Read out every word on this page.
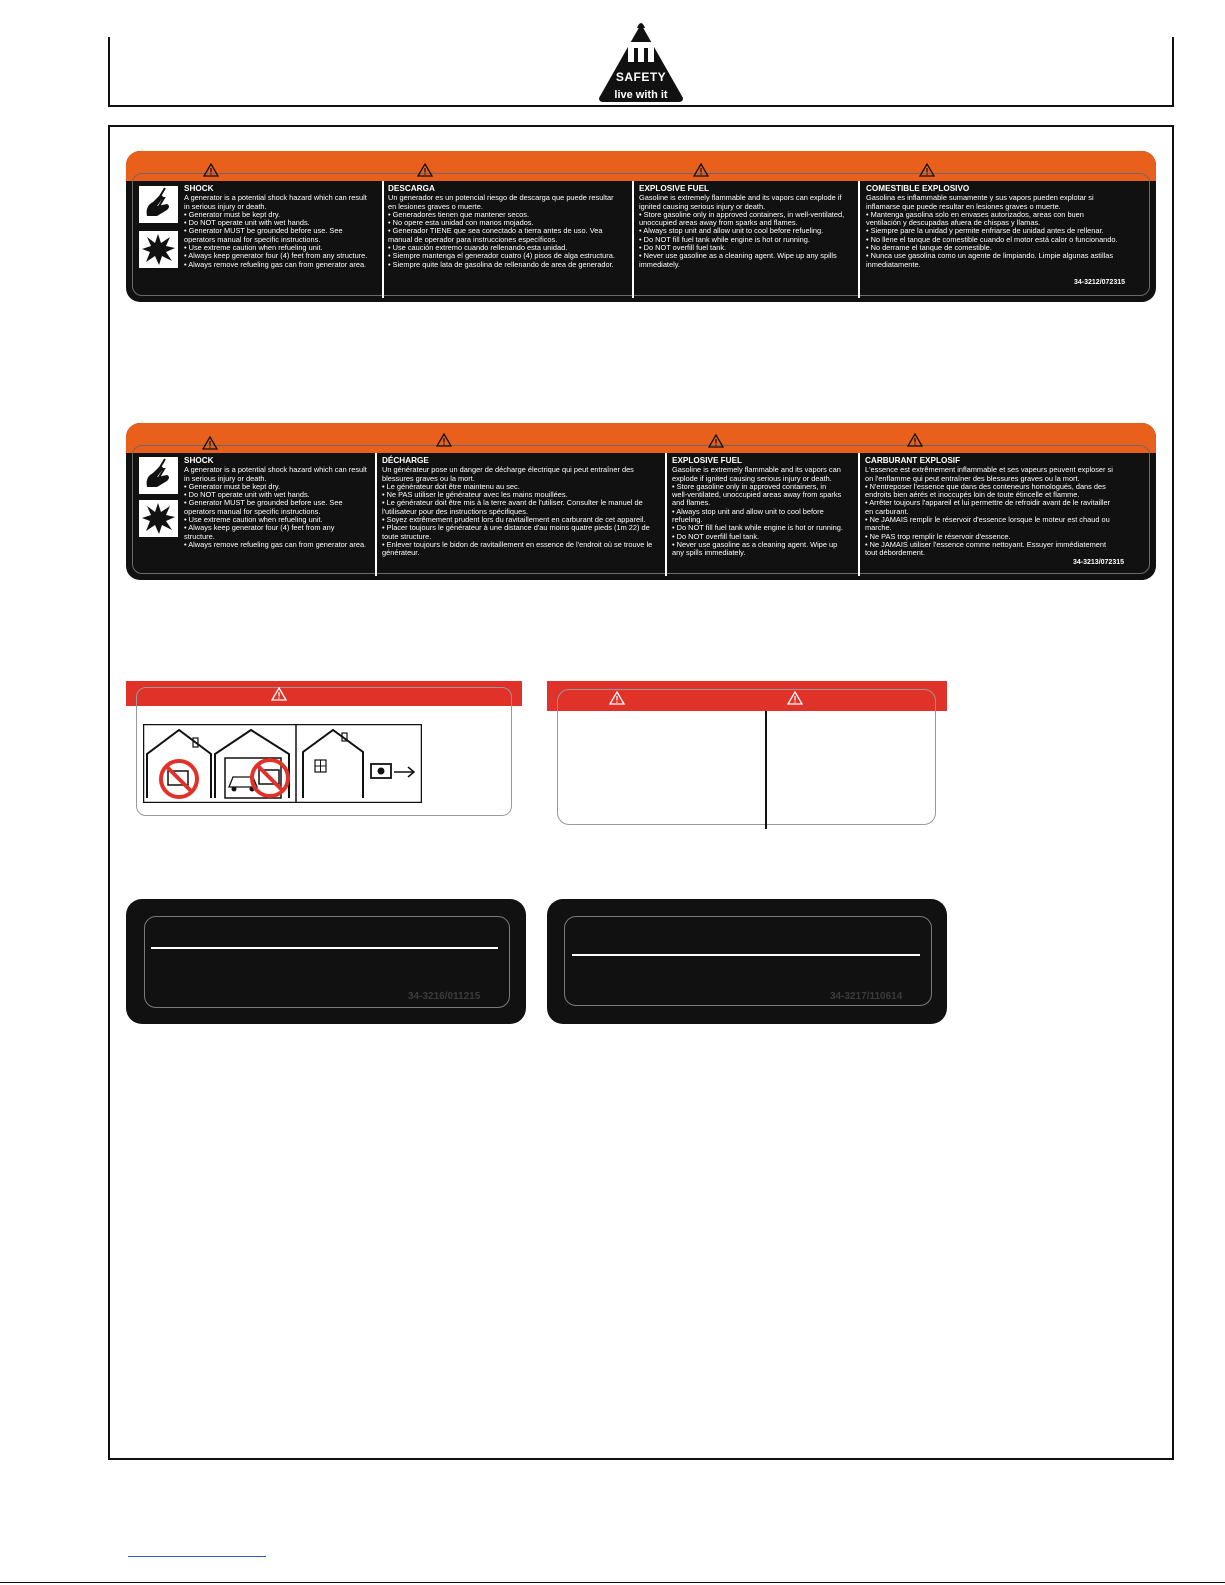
SAFETY
live with it
SHOCK
A generator is a potential shock hazard which can result
in serious injury or death.
• Generator must be kept dry.
• Do NOT operate unit with wet hands.
• Generator MUST be grounded before use. See
operators manual for specific instructions.
• Use extreme caution when refueling unit.
• Always keep generator four (4) feet from any structure.
• Always remove refueling gas can from generator area.
DESCARGA
Un generador es un potencial riesgo de descarga que puede resultar
en lesiones graves o muerte.
• Generadores tienen que mantener secos.
• No opere esta unidad con manos mojados.
• Generador TIENE que sea conectado a tierra antes de uso. Vea
manual de operador para instrucciones específicos.
• Use caución extremo cuando rellenando esta unidad.
• Siempre mantenga el generador cuatro (4) pisos de alga estructura.
• Siempre quite lata de gasolina de rellenando de area de generador.
EXPLOSIVE FUEL
Gasoline is extremely flammable and its vapors can explode if
ignited causing serious injury or death.
• Store gasoline only in approved containers, in well-ventilated,
unoccupied areas away from sparks and flames.
• Always stop unit and allow unit to cool before refueling.
• Do NOT fill fuel tank while engine is hot or running.
• Do NOT overfill fuel tank.
• Never use gasoline as a cleaning agent. Wipe up any spills
immediately.
COMESTIBLE EXPLOSIVO
Gasolina es inflammable sumamente y sus vapors pueden explotar si
inflamarse que puede resultar en lesiones graves o muerte.
• Mantenga gasolina solo en envases autorizados, areas con buen
ventilación y descupadas afuera de chispas y llamas.
• Siempre pare la unidad y permite enfriarse de unidad antes de rellenar.
• No llene el tanque de comestible cuando el motor está calor o funcionando.
• No derrame el tanque de comestible.
• Nunca use gasolina como un agente de limpiando. Limpie algunas astillas
inmediatamente.
34-3212/072315
SHOCK
A generator is a potential shock hazard which can result
in serious injury or death.
• Generator must be kept dry.
• Do NOT operate unit with wet hands.
• Generator MUST be grounded before use. See
operators manual for specific instructions.
• Use extreme caution when refueling unit.
• Always keep generator four (4) feet from any
structure.
• Always remove refueling gas can from generator area.
DÉCHARGE
Un générateur pose un danger de décharge électrique qui peut entraîner des
blessures graves ou la mort.
• Le générateur doit être maintenu au sec.
• Ne PAS utiliser le générateur avec les mains mouillées.
• Le générateur doit être mis à la terre avant de l'utiliser. Consulter le manuel de
l'utilisateur pour des instructions spécifiques.
• Soyez extrêmement prudent lors du ravitaillement en carburant de cet appareil.
• Placer toujours le générateur à une distance d'au moins quatre pieds (1m 22) de
toute structure.
• Enlever toujours le bidon de ravitaillement en essence de l'endroit où se trouve le
générateur.
EXPLOSIVE FUEL
Gasoline is extremely flammable and its vapors can
explode if ignited causing serious injury or death.
• Store gasoline only in approved containers, in
well-ventilated, unoccupied areas away from sparks
and flames.
• Always stop unit and allow unit to cool before
refueling.
• Do NOT fill fuel tank while engine is hot or running.
• Do NOT overfill fuel tank.
• Never use gasoline as a cleaning agent. Wipe up
any spills immediately.
CARBURANT EXPLOSIF
L'essence est extrêmement inflammable et ses vapeurs peuvent exploser si
on l'enflamme qui peut entraîner des blessures graves ou la mort.
• N'entreposer l'essence que dans des conteneurs homologués, dans des
endroits bien aérés et inoccupés loin de toute étincelle et flamme.
• Arrêter toujours l'appareil et lui permettre de refroidir avant de le ravitailler
en carburant.
• Ne JAMAIS remplir le réservoir d'essence lorsque le moteur est chaud ou
marche.
• Ne PAS trop remplir le réservoir d'essence.
• Ne JAMAIS utiliser l'essence comme nettoyant. Essuyer immédiatement
tout débordement.
34-3213/072315
34-3216/011215	34-3217/110614
